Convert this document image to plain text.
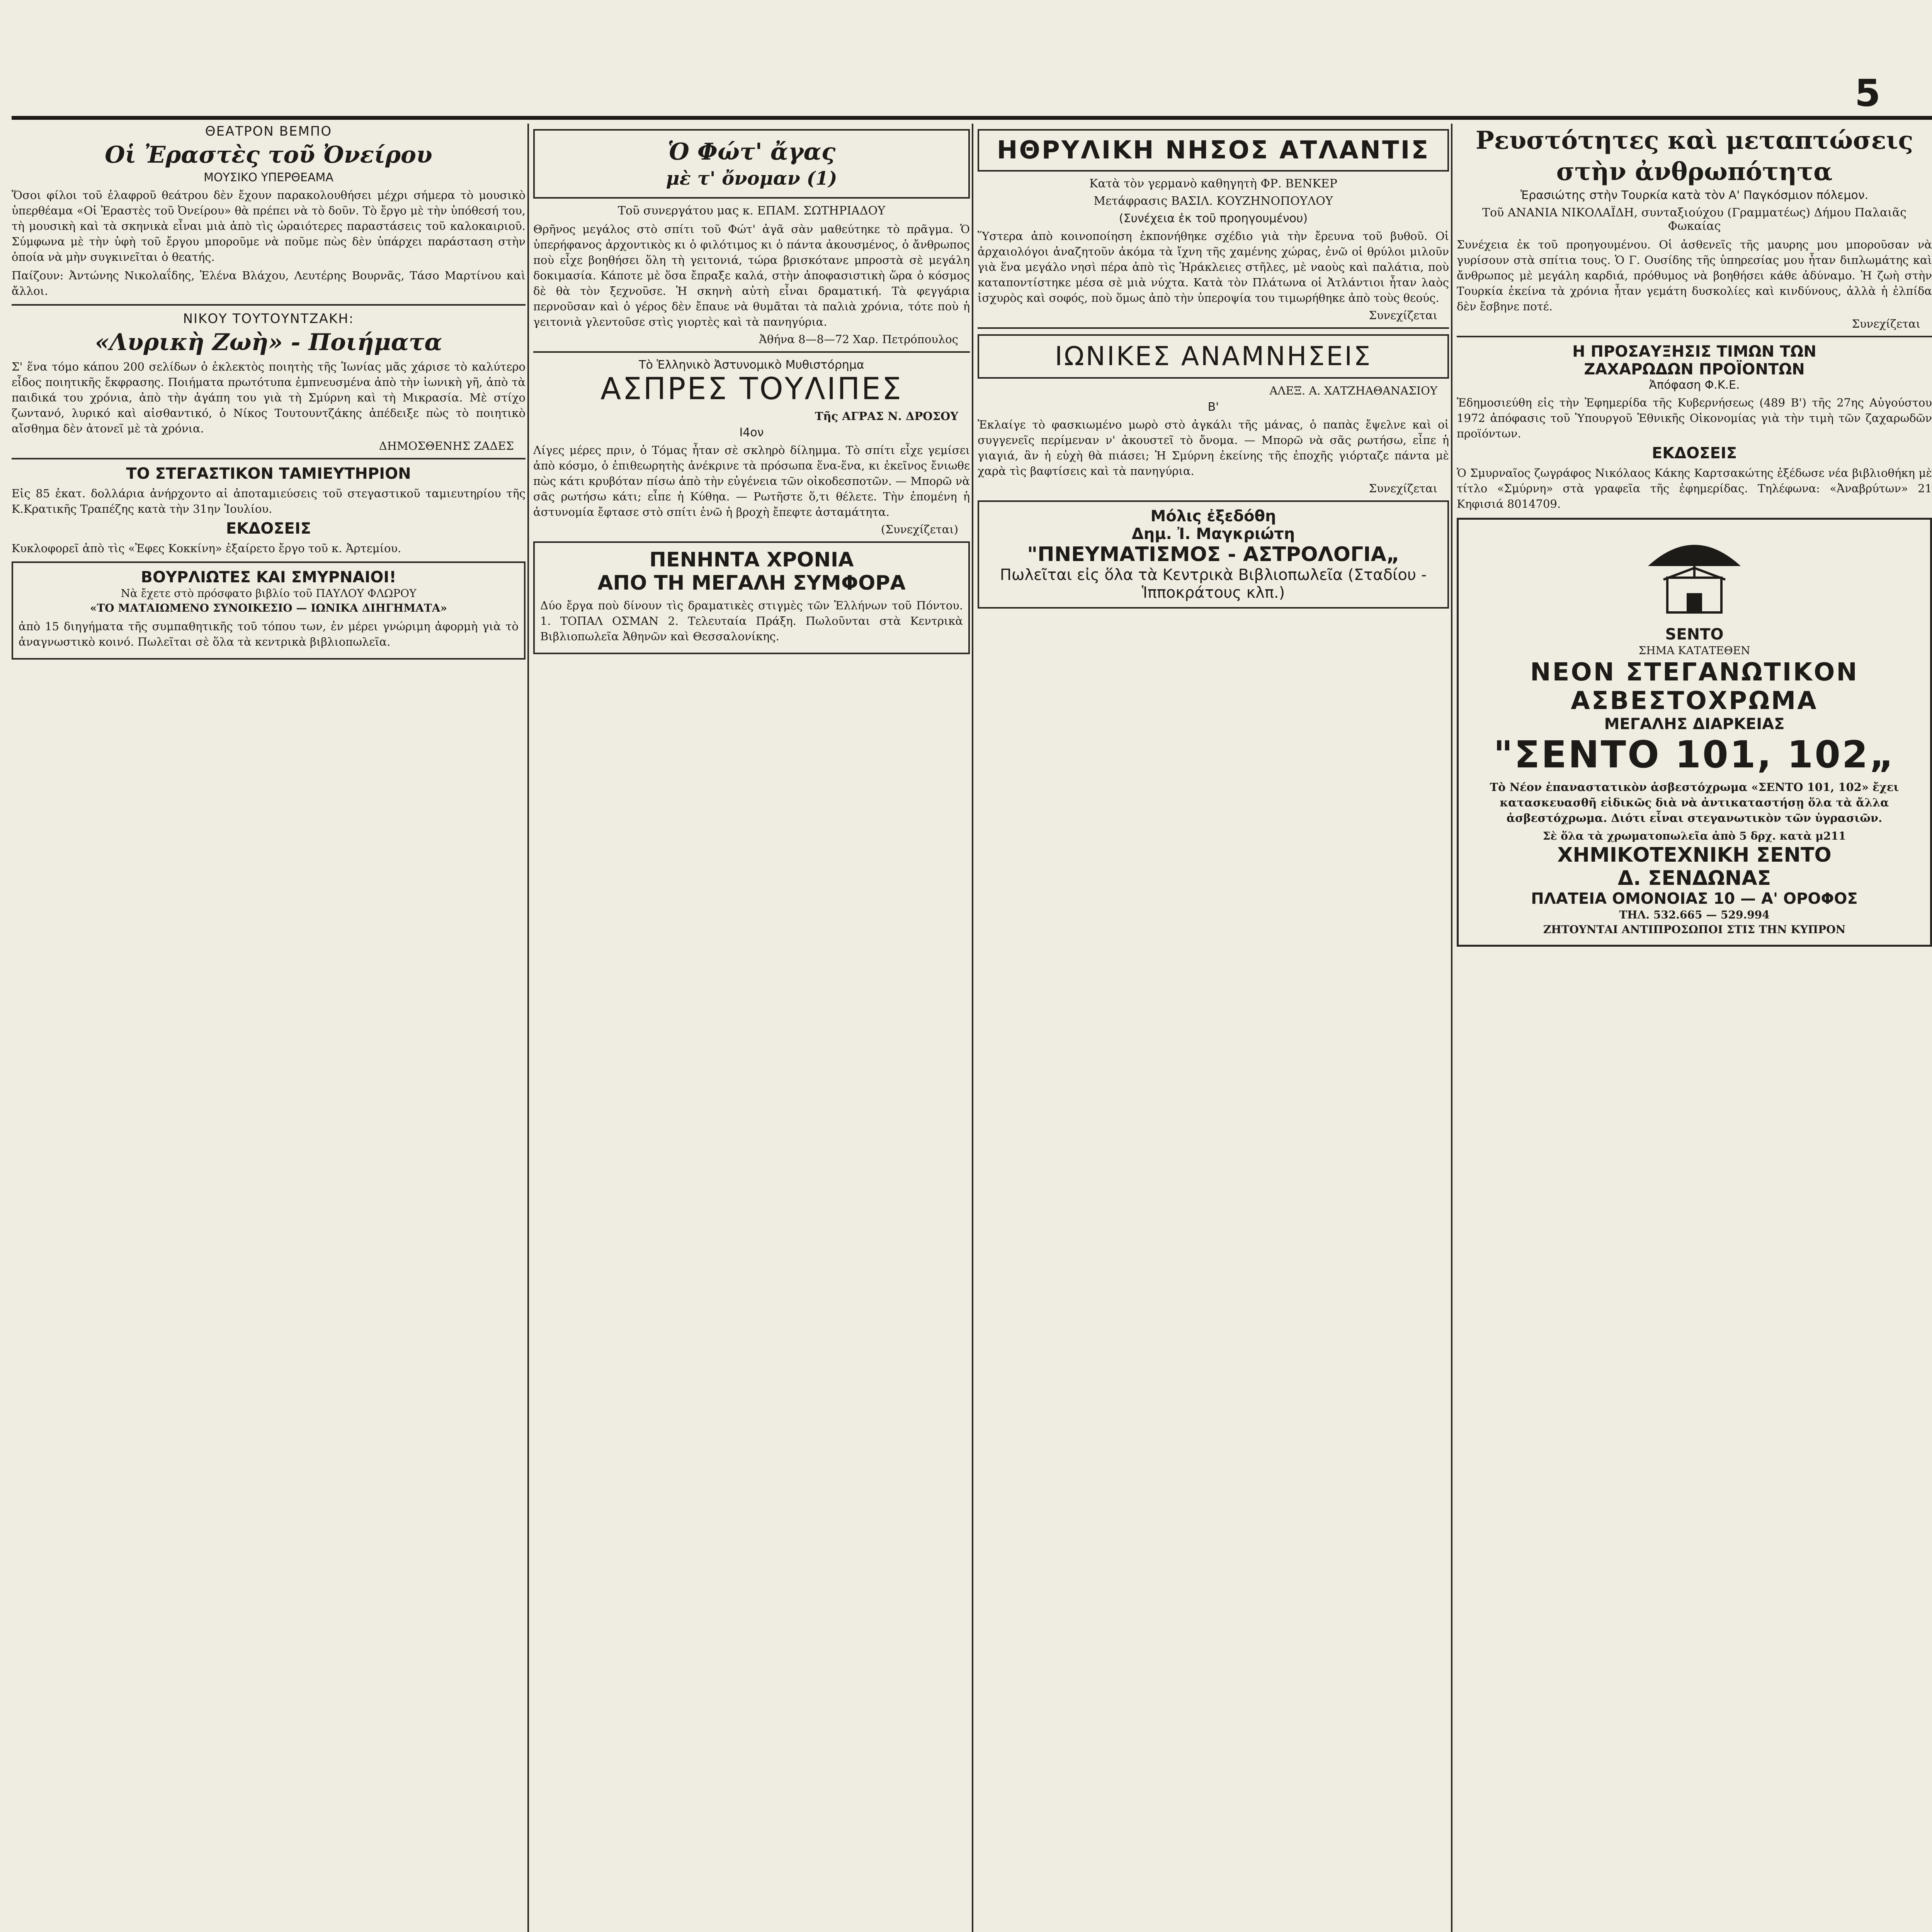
5
ΘΕΑΤΡΟΝ ΒΕΜΠΟ
Οἱ Ἐραστὲς τοῦ Ὀνείρου
ΜΟΥΣΙΚΟ ΥΠΕΡΘΕΑΜΑ
Ὅσοι φίλοι τοῦ ἐλαφροῦ θεάτρου δὲν ἔχουν παρακολουθήσει μέχρι σήμερα τὸ μουσικὸ ὑπερθέαμα «Οἱ Ἐραστὲς τοῦ Ὀνείρου» θὰ πρέπει νὰ τὸ δοῦν. Τὸ ἔργο μὲ τὴν ὑπόθεσή του, τὴ μουσικὴ καὶ τὰ σκηνικὰ εἶναι μιὰ ἀπὸ τὶς ὡραιότερες παραστάσεις τοῦ καλοκαιριοῦ. Σύμφωνα μὲ τὴν ὑφὴ τοῦ ἔργου μποροῦμε νὰ ποῦμε πὼς δὲν ὑπάρχει παράσταση στὴν ὁποία νὰ μὴν συγκινεῖται ὁ θεατής.
Παίζουν: Ἀντώνης Νικολαΐδης, Ἑλένα Βλάχου, Λευτέρης Βουρνᾶς, Τάσο Μαρτίνου καὶ ἄλλοι.
ΝΙΚΟΥ ΤΟΥΤΟΥΝΤΖΑΚΗ:
«Λυρικὴ Ζωὴ» - Ποιήματα
Σ' ἕνα τόμο κάπου 200 σελίδων ὁ ἐκλεκτὸς ποιητὴς τῆς Ἰωνίας μᾶς χάρισε τὸ καλύτερο εἶδος ποιητικῆς ἔκφρασης. Ποιήματα πρωτότυπα ἐμπνευσμένα ἀπὸ τὴν ἰωνικὴ γῆ, ἀπὸ τὰ παιδικά του χρόνια, ἀπὸ τὴν ἀγάπη του γιὰ τὴ Σμύρνη καὶ τὴ Μικρασία. Μὲ στίχο ζωντανό, λυρικό καὶ αἰσθαντικό, ὁ Νίκος Τουτουντζάκης ἀπέδειξε πὼς τὸ ποιητικὸ αἴσθημα δὲν ἀτονεῖ μὲ τὰ χρόνια.
ΔΗΜΟΣΘΕΝΗΣ ΖΑΔΕΣ
ΤΟ ΣΤΕΓΑΣΤΙΚΟΝ ΤΑΜΙΕΥΤΗΡΙΟΝ
Εἰς 85 ἑκατ. δολλάρια ἀνήρχοντο αἱ ἀποταμιεύσεις τοῦ στεγαστικοῦ ταμιευτηρίου τῆς Κ.Κρατικῆς Τραπέζης κατὰ τὴν 31ην Ἰουλίου.
ΕΚΔΟΣΕΙΣ
Κυκλοφορεῖ ἀπὸ τὶς «Ἐφες Κοκκίνη» ἐξαίρετο ἔργο τοῦ κ. Ἀρτεμίου.
ΒΟΥΡΛΙΩΤΕΣ ΚΑΙ ΣΜΥΡΝΑΙΟΙ!
Νὰ ἔχετε στὸ πρόσφατο βιβλίο τοῦ ΠΑΥΛΟΥ ΦΛΩΡΟΥ
«ΤΟ ΜΑΤΑΙΩΜΕΝΟ ΣΥΝΟΙΚΕΣΙΟ — ΙΩΝΙΚΑ ΔΙΗΓΗΜΑΤΑ»
ἀπὸ 15 διηγήματα τῆς συμπαθητικῆς τοῦ τόπου των, ἐν μέρει γνώριμη ἀφορμὴ γιὰ τὸ ἀναγνωστικὸ κοινό. Πωλεῖται σὲ ὅλα τὰ κεντρικὰ βιβλιοπωλεῖα.
Ὁ Φώτ' ἄγας
μὲ τ' ὄνομαν (1)
Τοῦ συνεργάτου μας κ. ΕΠΑΜ. ΣΩΤΗΡΙΑΔΟΥ
Θρῆνος μεγάλος στὸ σπίτι τοῦ Φώτ' ἀγᾶ σὰν μαθεύτηκε τὸ πρᾶγμα. Ὁ ὑπερήφανος ἀρχοντικὸς κι ὁ φιλότιμος κι ὁ πάντα ἀκουσμένος, ὁ ἄνθρωπος ποὺ εἶχε βοηθήσει ὅλη τὴ γειτονιά, τώρα βρισκότανε μπροστὰ σὲ μεγάλη δοκιμασία. Κάποτε μὲ ὅσα ἔπραξε καλά, στὴν ἀποφασιστικὴ ὥρα ὁ κόσμος δὲ θὰ τὸν ξεχνοῦσε. Ἡ σκηνὴ αὐτὴ εἶναι δραματική. Τὰ φεγγάρια περνοῦσαν καὶ ὁ γέρος δὲν ἔπαυε νὰ θυμᾶται τὰ παλιὰ χρόνια, τότε ποὺ ἡ γειτονιὰ γλεντοῦσε στὶς γιορτὲς καὶ τὰ πανηγύρια.
Ἀθήνα 8—8—72 Χαρ. Πετρόπουλος
Τὸ Ἑλληνικὸ Ἀστυνομικὸ Μυθιστόρημα
ΑΣΠΡΕΣ ΤΟΥΛΙΠΕΣ
Τῆς ΑΓΡΑΣ Ν. ΔΡΟΣΟΥ
Ι4ον
Λίγες μέρες πριν, ὁ Τόμας ἦταν σὲ σκληρὸ δίλημμα. Τὸ σπίτι εἶχε γεμίσει ἀπὸ κόσμο, ὁ ἐπιθεωρητὴς ἀνέκρινε τὰ πρόσωπα ἕνα-ἕνα, κι ἐκεῖνος ἔνιωθε πὼς κάτι κρυβόταν πίσω ἀπὸ τὴν εὐγένεια τῶν οἰκοδεσποτῶν. — Μπορῶ νὰ σᾶς ρωτήσω κάτι; εἶπε ἡ Κύθηα. — Ρωτῆστε ὅ,τι θέλετε. Τὴν ἐπομένη ἡ ἀστυνομία ἔφτασε στὸ σπίτι ἐνῶ ἡ βροχὴ ἔπεφτε ἀσταμάτητα.
(Συνεχίζεται)
ΠΕΝΗΝΤΑ ΧΡΟΝΙΑ
ΑΠΟ ΤΗ ΜΕΓΑΛΗ ΣΥΜΦΟΡΑ
Δύο ἔργα ποὺ δίνουν τὶς δραματικὲς στιγμὲς τῶν Ἑλλήνων τοῦ Πόντου. 1. ΤΟΠΑΛ ΟΣΜΑΝ 2. Τελευταία Πράξη. Πωλοῦνται στὰ Κεντρικὰ Βιβλιοπωλεῖα Ἀθηνῶν καὶ Θεσσαλονίκης.
ΗΘΡΥΛΙΚΗ ΝΗΣΟΣ ΑΤΛΑΝΤΙΣ
Κατὰ τὸν γερμανὸ καθηγητὴ ΦΡ. ΒΕΝΚΕΡ
Μετάφρασις ΒΑΣΙΛ. ΚΟΥΖΗΝΟΠΟΥΛΟΥ
(Συνέχεια ἐκ τοῦ προηγουμένου)
Ὕστερα ἀπὸ κοινοποίηση ἐκπονήθηκε σχέδιο γιὰ τὴν ἔρευνα τοῦ βυθοῦ. Οἱ ἀρχαιολόγοι ἀναζητοῦν ἀκόμα τὰ ἴχνη τῆς χαμένης χώρας, ἐνῶ οἱ θρύλοι μιλοῦν γιὰ ἕνα μεγάλο νησὶ πέρα ἀπὸ τὶς Ἡράκλειες στῆλες, μὲ ναοὺς καὶ παλάτια, ποὺ καταποντίστηκε μέσα σὲ μιὰ νύχτα. Κατὰ τὸν Πλάτωνα οἱ Ἀτλάντιοι ἦταν λαὸς ἰσχυρὸς καὶ σοφός, ποὺ ὅμως ἀπὸ τὴν ὑπεροψία του τιμωρήθηκε ἀπὸ τοὺς θεούς.
Συνεχίζεται
ΙΩΝΙΚΕΣ ΑΝΑΜΝΗΣΕΙΣ
ΑΛΕΞ. Α. ΧΑΤΖΗΑΘΑΝΑΣΙΟΥ
Β'
Ἐκλαίγε τὸ φασκιωμένο μωρὸ στὸ ἀγκάλι τῆς μάνας, ὁ παπὰς ἔψελνε καὶ οἱ συγγενεῖς περίμεναν ν' ἀκουστεῖ τὸ ὄνομα. — Μπορῶ νὰ σᾶς ρωτήσω, εἶπε ἡ γιαγιά, ἂν ἡ εὐχὴ θὰ πιάσει; Ἡ Σμύρνη ἐκείνης τῆς ἐποχῆς γιόρταζε πάντα μὲ χαρὰ τὶς βαφτίσεις καὶ τὰ πανηγύρια.
Συνεχίζεται
Μόλις ἐξεδόθη
Δημ. Ἰ. Μαγκριώτη
"ΠΝΕΥΜΑΤΙΣΜΟΣ - ΑΣΤΡΟΛΟΓΙΑ„
Πωλεῖται εἰς ὅλα τὰ Κεντρικὰ Βιβλιοπωλεῖα (Σταδίου - Ἱπποκράτους κλπ.)
Ρευστότητες καὶ μεταπτώσεις
στὴν ἀνθρωπότητα
Ἐρασιώτης στὴν Τουρκία κατὰ τὸν Α' Παγκόσμιον πόλεμον.
Τοῦ ΑΝΑΝΙΑ ΝΙΚΟΛΑΪΔΗ, συνταξιούχου (Γραμματέως) Δήμου Παλαιᾶς Φωκαίας
Συνέχεια ἐκ τοῦ προηγουμένου. Οἱ ἀσθενεῖς τῆς μαυρης μου μποροῦσαν νὰ γυρίσουν στὰ σπίτια τους. Ὁ Γ. Ουσίδης τῆς ὑπηρεσίας μου ἦταν διπλωμάτης καὶ ἄνθρωπος μὲ μεγάλη καρδιά, πρόθυμος νὰ βοηθήσει κάθε ἀδύναμο. Ἡ ζωὴ στὴν Τουρκία ἐκείνα τὰ χρόνια ἦταν γεμάτη δυσκολίες καὶ κινδύνους, ἀλλὰ ἡ ἐλπίδα δὲν ἔσβηνε ποτέ.
Συνεχίζεται
Η ΠΡΟΣΑΥΞΗΣΙΣ ΤΙΜΩΝ ΤΩΝ
ΖΑΧΑΡΩΔΩΝ ΠΡΟΪΟΝΤΩΝ
Ἀπόφαση Φ.Κ.Ε.
Ἐδημοσιεύθη εἰς τὴν Ἐφημερίδα τῆς Κυβερνήσεως (489 Β') τῆς 27ης Αὐγούστου 1972 ἀπόφασις τοῦ Ὑπουργοῦ Ἐθνικῆς Οἰκονομίας γιὰ τὴν τιμὴ τῶν ζαχαρωδῶν προϊόντων.
ΕΚΔΟΣΕΙΣ
Ὁ Σμυρναῖος ζωγράφος Νικόλαος Κάκης Καρτσακώτης ἐξέδωσε νέα βιβλιοθήκη μὲ τίτλο «Σμύρνη» στὰ γραφεῖα τῆς ἐφημερίδας. Τηλέφωνα: «Ἀναβρύτων» 21 Κηφισιά 8014709.
SENTO
ΣΗΜΑ ΚΑΤΑΤΕΘΕΝ
ΝΕΟΝ ΣΤΕΓΑΝΩΤΙΚΟΝ
ΑΣΒΕΣΤΟΧΡΩΜΑ
ΜΕΓΑΛΗΣ ΔΙΑΡΚΕΙΑΣ
"ΣΕΝΤΟ 101, 102„
Τὸ Νέον ἐπαναστατικὸν ἀσβεστόχρωμα «ΣΕΝΤΟ 101, 102» ἔχει κατασκευασθῆ εἰδικῶς διὰ νὰ ἀντικαταστήσῃ ὅλα τὰ ἄλλα ἀσβεστόχρωμα. Διότι εἶναι στεγανωτικὸν τῶν ὑγρασιῶν.
Σὲ ὅλα τὰ χρωματοπωλεῖα ἀπὸ 5 δρχ. κατὰ μ211
ΧΗΜΙΚΟΤΕΧΝΙΚΗ ΣΕΝΤΟ
Δ. ΣΕΝΔΩΝΑΣ
ΠΛΑΤΕΙΑ ΟΜΟΝΟΙΑΣ 10 — Α' ΟΡΟΦΟΣ
ΤΗΛ. 532.665 — 529.994
ΖΗΤΟΥΝΤΑΙ ΑΝΤΙΠΡΟΣΩΠΟΙ ΣΤΙΣ ΤΗΝ ΚΥΠΡΟΝ
